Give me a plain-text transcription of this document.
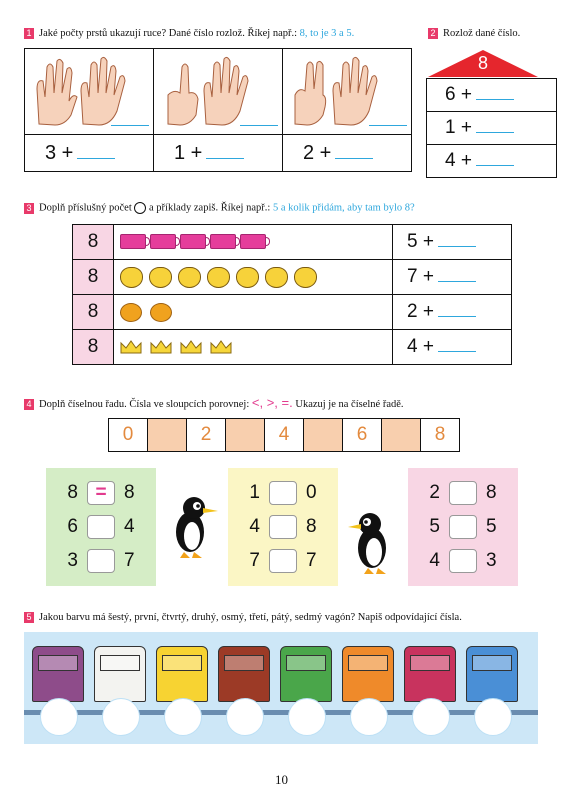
1 Jaké počty prstů ukazují ruce? Dané číslo rozlož. Říkej např.: 8, to je 3 a 5.

3 +	1 +	2 +
2 Rozlož dané číslo.
8
6 +
1 +
4 +
3 Doplň příslušný počet a příklady zapiš. Říkej např.: 5 a kolik přidám, aby tam bylo 8?
8		5 +
8		7 +
8		2 +
8		4 +
4 Doplň číselnou řadu. Čísla ve sloupcích porovnej: <, >, =. Ukazuj je na číselné řadě.
0	2	4	6	8
8 = 8
6 4
3 7
1 0
4 8
7 7
2 8
5 5
4 3
5 Jakou barvu má šestý, první, čtvrtý, druhý, osmý, třetí, pátý, sedmý vagón? Napiš odpovídající čísla.
10
